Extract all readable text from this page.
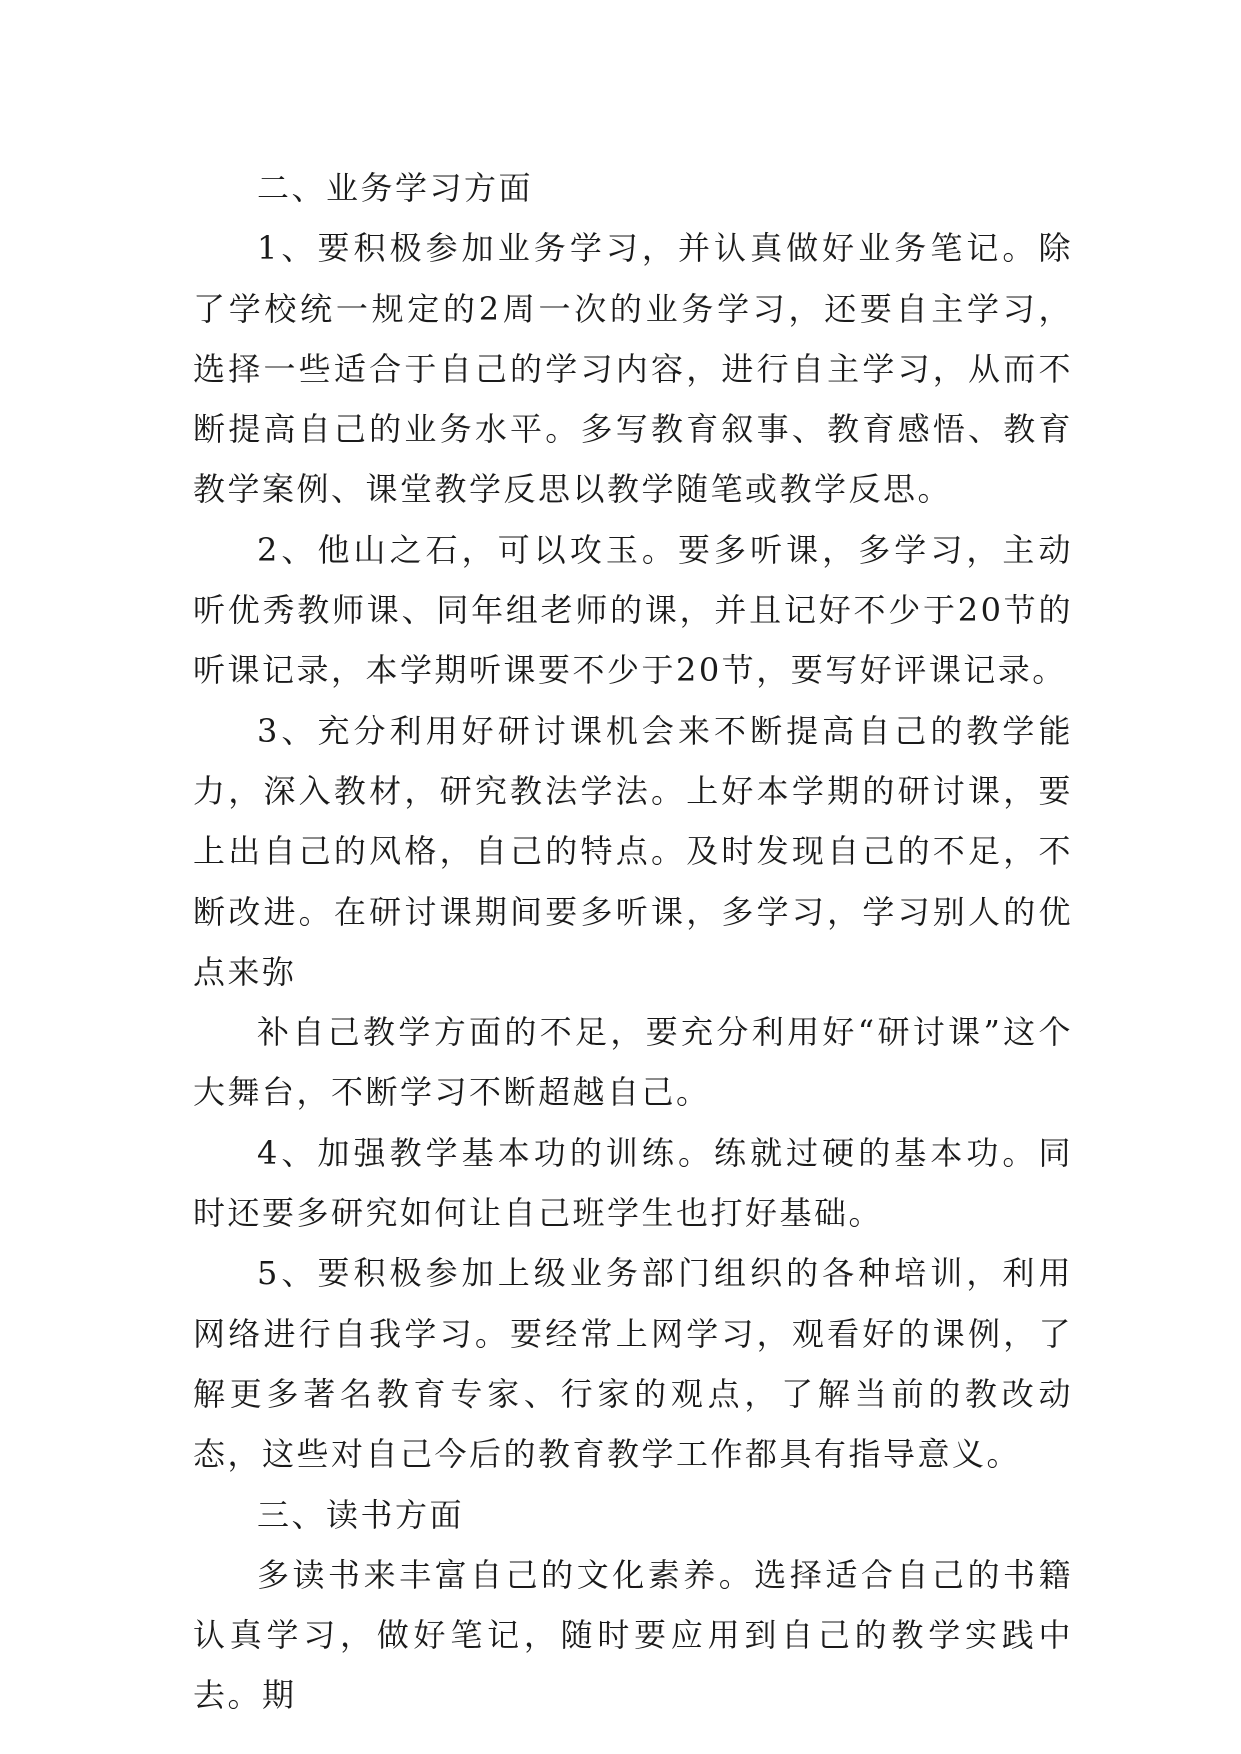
二、业务学习方面

1、要积极参加业务学习，并认真做好业务笔记。除了学校统一规定的2周一次的业务学习，还要自主学习，选择一些适合于自己的学习内容，进行自主学习，从而不断提高自己的业务水平。多写教育叙事、教育感悟、教育教学案例、课堂教学反思以教学随笔或教学反思。

2、他山之石，可以攻玉。要多听课，多学习，主动听优秀教师课、同年组老师的课，并且记好不少于20节的听课记录，本学期听课要不少于20节，要写好评课记录。

3、充分利用好研讨课机会来不断提高自己的教学能力，深入教材，研究教法学法。上好本学期的研讨课，要上出自己的风格，自己的特点。及时发现自己的不足，不断改进。在研讨课期间要多听课，多学习，学习别人的优点来弥

补自己教学方面的不足，要充分利用好“研讨课”这个大舞台，不断学习不断超越自己。

4、加强教学基本功的训练。练就过硬的基本功。同时还要多研究如何让自己班学生也打好基础。

5、要积极参加上级业务部门组织的各种培训，利用网络进行自我学习。要经常上网学习，观看好的课例，了解更多著名教育专家、行家的观点，了解当前的教改动态，这些对自己今后的教育教学工作都具有指导意义。

三、读书方面

多读书来丰富自己的文化素养。选择适合自己的书籍认真学习，做好笔记，随时要应用到自己的教学实践中去。期
